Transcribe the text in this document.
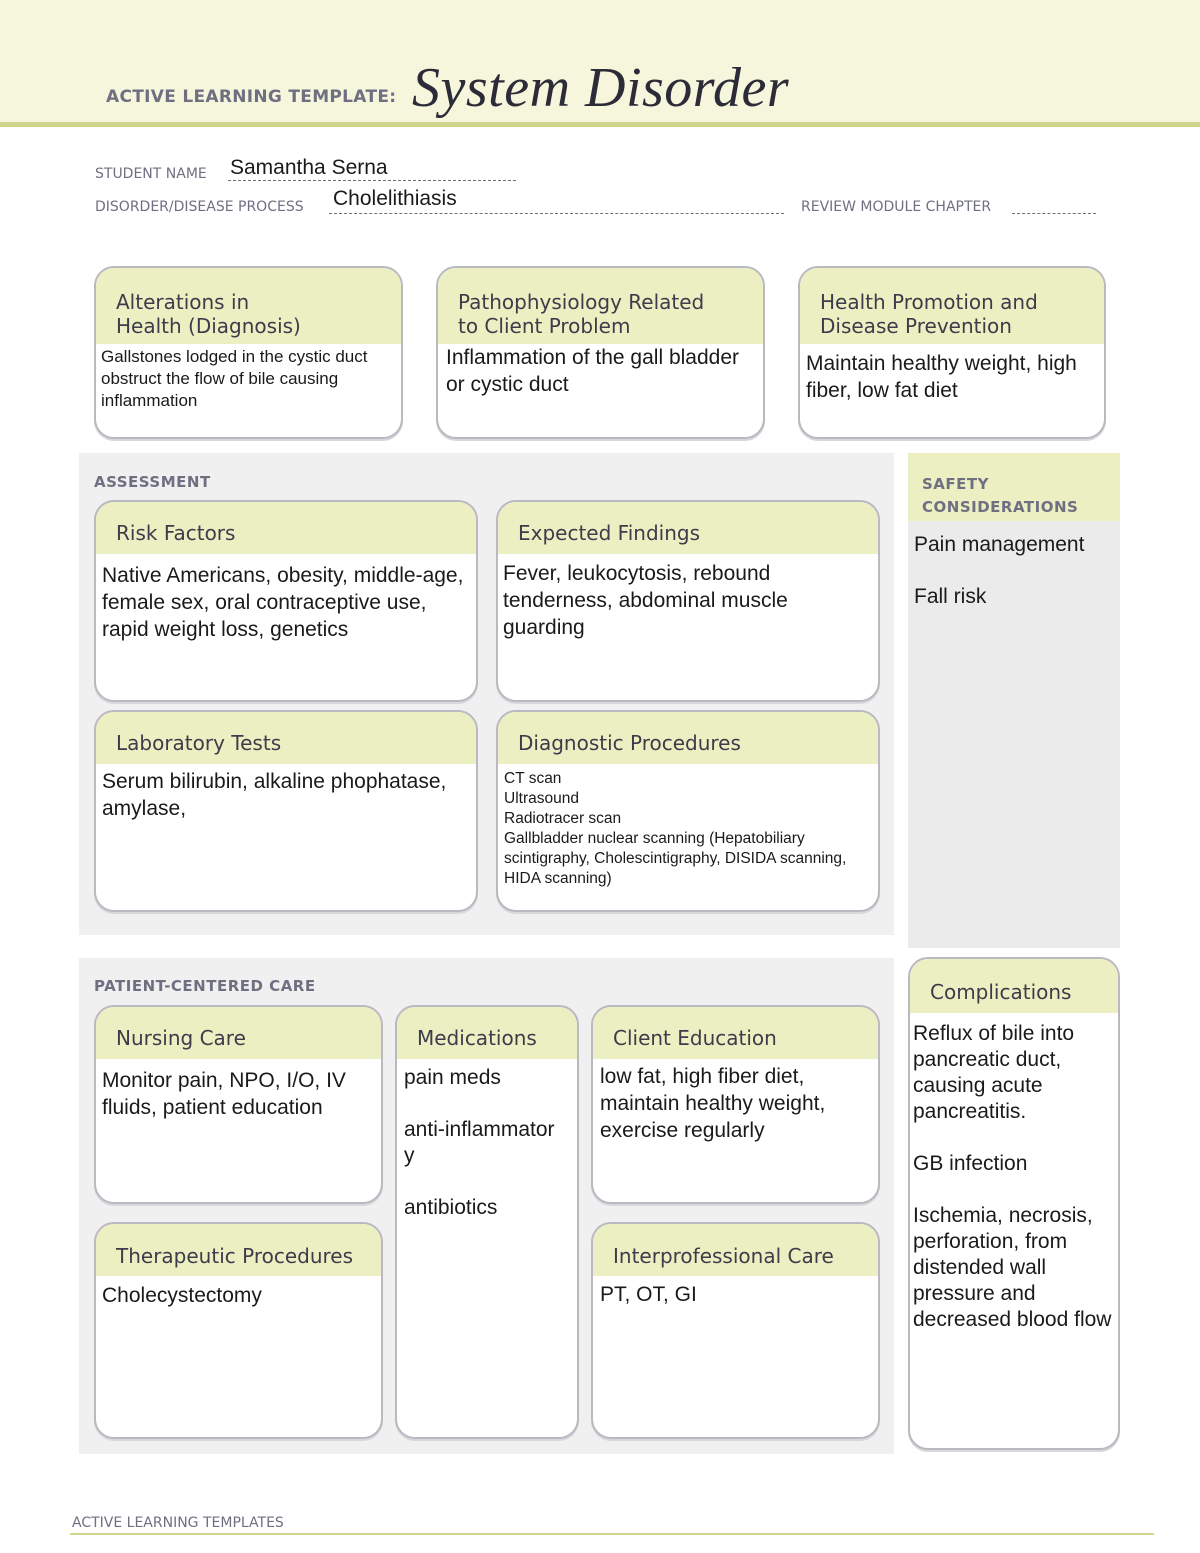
ACTIVE LEARNING TEMPLATE: System Disorder
STUDENT NAME Samantha Serna
DISORDER/DISEASE PROCESS Cholelithiasis	REVIEW MODULE CHAPTER
Alterations in
Health (Diagnosis)
Gallstones lodged in the cystic duct obstruct the flow of bile causing inflammation
Pathophysiology Related
to Client Problem
Inflammation of the gall bladder or cystic duct
Health Promotion and
Disease Prevention
Maintain healthy weight, high fiber, low fat diet
ASSESSMENT
Risk Factors
Native Americans, obesity, middle-age, female sex, oral contraceptive use, rapid weight loss, genetics
Expected Findings
Fever, leukocytosis, rebound tenderness, abdominal muscle guarding
Laboratory Tests
Serum bilirubin, alkaline phophatase, amylase,
Diagnostic Procedures
CT scan
Ultrasound
Radiotracer scan
Gallbladder nuclear scanning (Hepatobiliary scintigraphy, Cholescintigraphy, DISIDA scanning, HIDA scanning)
SAFETY
CONSIDERATIONS
Pain management

Fall risk
PATIENT-CENTERED CARE
Nursing Care
Monitor pain, NPO, I/O, IV fluids, patient education
Medications
pain meds

anti-inflammator
y

antibiotics
Client Education
low fat, high fiber diet, maintain healthy weight, exercise regularly
Therapeutic Procedures
Cholecystectomy
Interprofessional Care
PT, OT, GI
Complications
Reflux of bile into pancreatic duct, causing acute pancreatitis.

GB infection

Ischemia, necrosis, perforation, from distended wall pressure and decreased blood flow
ACTIVE LEARNING TEMPLATES
